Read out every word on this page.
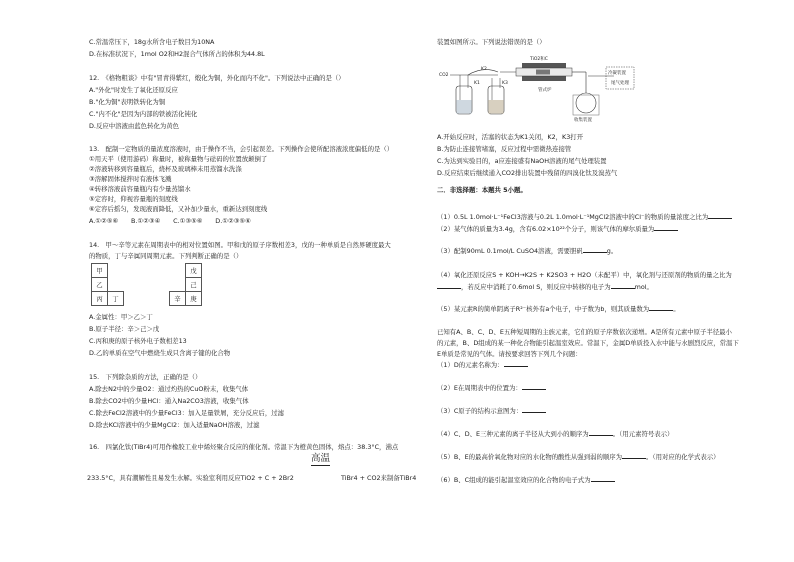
C.常温常压下，18g水所含电子数目为10NA
D.在标准状况下，1mol O2和H2混合气体所占的体积为44.8L
12.　《格物粗谈》中有"冒青得紫红，煅化为铜，外化而内不化"。下列说法中正确的是（）
A."外化"时发生了氧化还原反应
B."化为铜"表明铁转化为铜
C."内不化"是因为内部的铁被活化钝化
D.反应中溶液由蓝色转化为黄色
13.　配制一定物质的量浓度溶液时，由于操作不当，会引起误差。下列操作会使所配溶液浓度偏低的是（）
①用天平（使用游码）称量时，被称量物与砝码的位置放颠倒了
②溶液转移到容量瓶后，烧杯及玻璃棒未用蒸馏水洗涤
③溶解固体搅拌时有液体飞溅
④转移溶液前容量瓶内有少量蒸馏水
⑤定容时，仰视容量瓶的刻度线
⑥定容后摇匀，发现液面降低，又补加少量水，重新达到刻度线
A.①②⑤⑥　　B.①②③④　　C.①③⑤⑥　　D.①②③⑤⑥
14.　甲～辛等元素在周期表中的相对位置如图。甲和戊的原子序数相差3，戊的一种单质是自然界硬度最大
的物质，丁与辛属同周期元素。下列判断正确的是（）
甲						戊
乙						己
丙	丁				辛	庚
A.金属性：甲＞乙＞丁
B.原子半径：辛＞己＞戊
C.丙和庚的原子核外电子数相差13
D.乙的单质在空气中燃烧生成只含离子键的化合物
15.　下列除杂质的方法，正确的是（）
A.除去N2中的少量O2：通过灼热的CuO粉末，收集气体
B.除去CO2中的少量HCl：通入Na2CO3溶液，收集气体
C.除去FeCl2溶液中的少量FeCl3：加入足量铁屑，充分反应后，过滤
D.除去KCl溶液中的少量MgCl2：加入适量NaOH溶液，过滤
16.　四氯化钛(TiBr4)可用作橡胶工业中烯烃聚合反应的催化剂。常温下为橙黄色固体，熔点：38.3°C，沸点
高温
233.5°C，具有潮解性且易发生水解。实验室利用反应TiO2 + C + 2Br2	TiBr4 + CO2来制备TiBr4
CO2
K1
K2
K3
TiO2和C
管式炉
冷凝装置
收集装置
尾气处理
装置如图所示。下列说法错误的是（）
A.开始反应时，活塞的状态为K1关闭，K2，K3打开
B.为防止连接管堵塞，反应过程中需微热连接管
C.为达到实验目的，a应连接盛有NaOH溶液的尾气处理装置
D.反应结束后继续通入CO2排出装置中残留的四溴化钛及溴蒸气
二．非选择题：本题共 5小题。
（1）0.5L 1.0mol·L⁻¹FeCl3溶液与0.2L 1.0mol·L⁻¹MgCl2溶液中的Cl⁻的物质的量浓度之比为
（2）某气体的质量为3.4g，含有6.02×10²²个分子，则该气体的摩尔质量为
（3）配制90mL 0.1mol/L CuSO4溶液，需要胆矾	g。
（4）氧化还原反应S + KOH→K2S + K2SO3 + H2O（未配平）中，氧化剂与还原剂的物质的量之比为
，若反应中消耗了0.6mol S，则反应中转移的电子为	mol。
（5）某元素R的简单阴离子R²⁻核外有a个电子，中子数为b，则其质量数为	。
已知有A、B、C、D、E五种短周期的主族元素，它们的原子序数依次递增。A是所有元素中原子半径最小
的元素，B、D组成的某一种化合物能引起温室效应。常温下，金属D单质投入水中能与水剧烈反应，常温下
E单质是常见的气体。请按要求回答下列几个问题：
（1）D的元素名称为：
（2）E在周期表中的位置为：
（3）C原子的结构示意图为：
（4）C、D、E三种元素的离子半径从大到小的顺序为	。（用元素符号表示）
（5）B、E的最高价氧化物对应的水化物的酸性从强到弱的顺序为	。（用对应的化学式表示）
（6）B、C组成的能引起温室效应的化合物的电子式为
